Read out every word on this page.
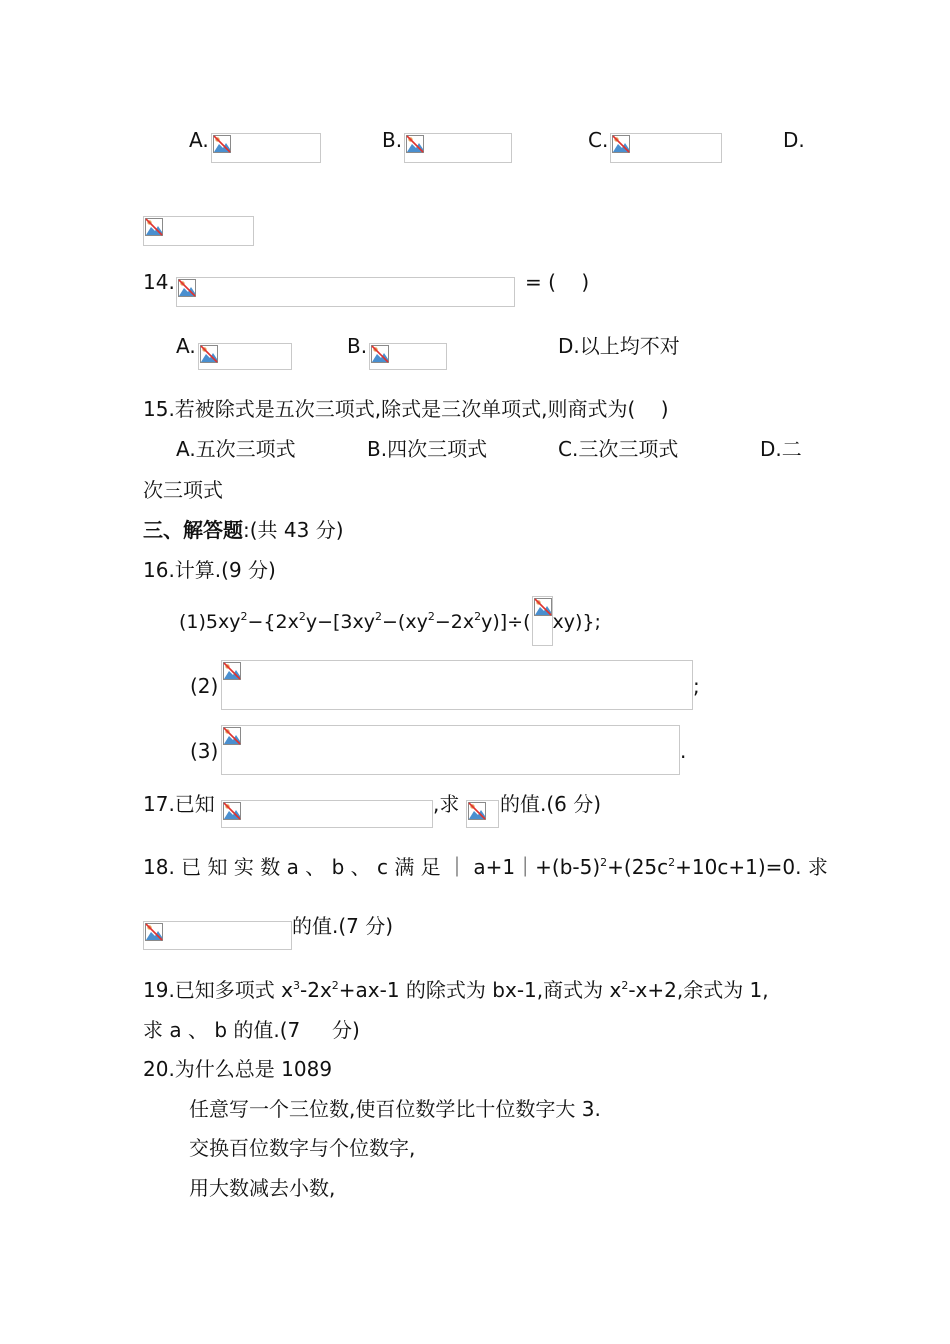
A.	B.	C.	D.
14.	= (    )
A.	B.	D.以上均不对
15.若被除式是五次三项式,除式是三次单项式,则商式为(    )
A.五次三项式	B.四次三项式	C.三次三项式	D.二
次三项式
三、解答题:(共 43 分)
16.计算.(9 分)
$(1)5xy^2-\{2x^2y-[3xy^2-(xy^2-2x^2y)]\div$( xy)};
(2)	;
(3)	.
17.已知	,求 的值.(6 分)
18. 已 知 实 数 a 、 b 、 c 满 足 ｜ $a+1|+(b-5)^2+(25c^2+10c+1)=0$. 求
的值.(7 分)
19.已知多项式 $x^3-2x^2+ax-1$ 的除式为 bx-1,商式为 $x^2-x+2$,余式为 1,
求 a 、 b 的值.(7     分)
20.为什么总是 1089
任意写一个三位数,使百位数学比十位数字大 3.
交换百位数字与个位数字,
用大数减去小数,
